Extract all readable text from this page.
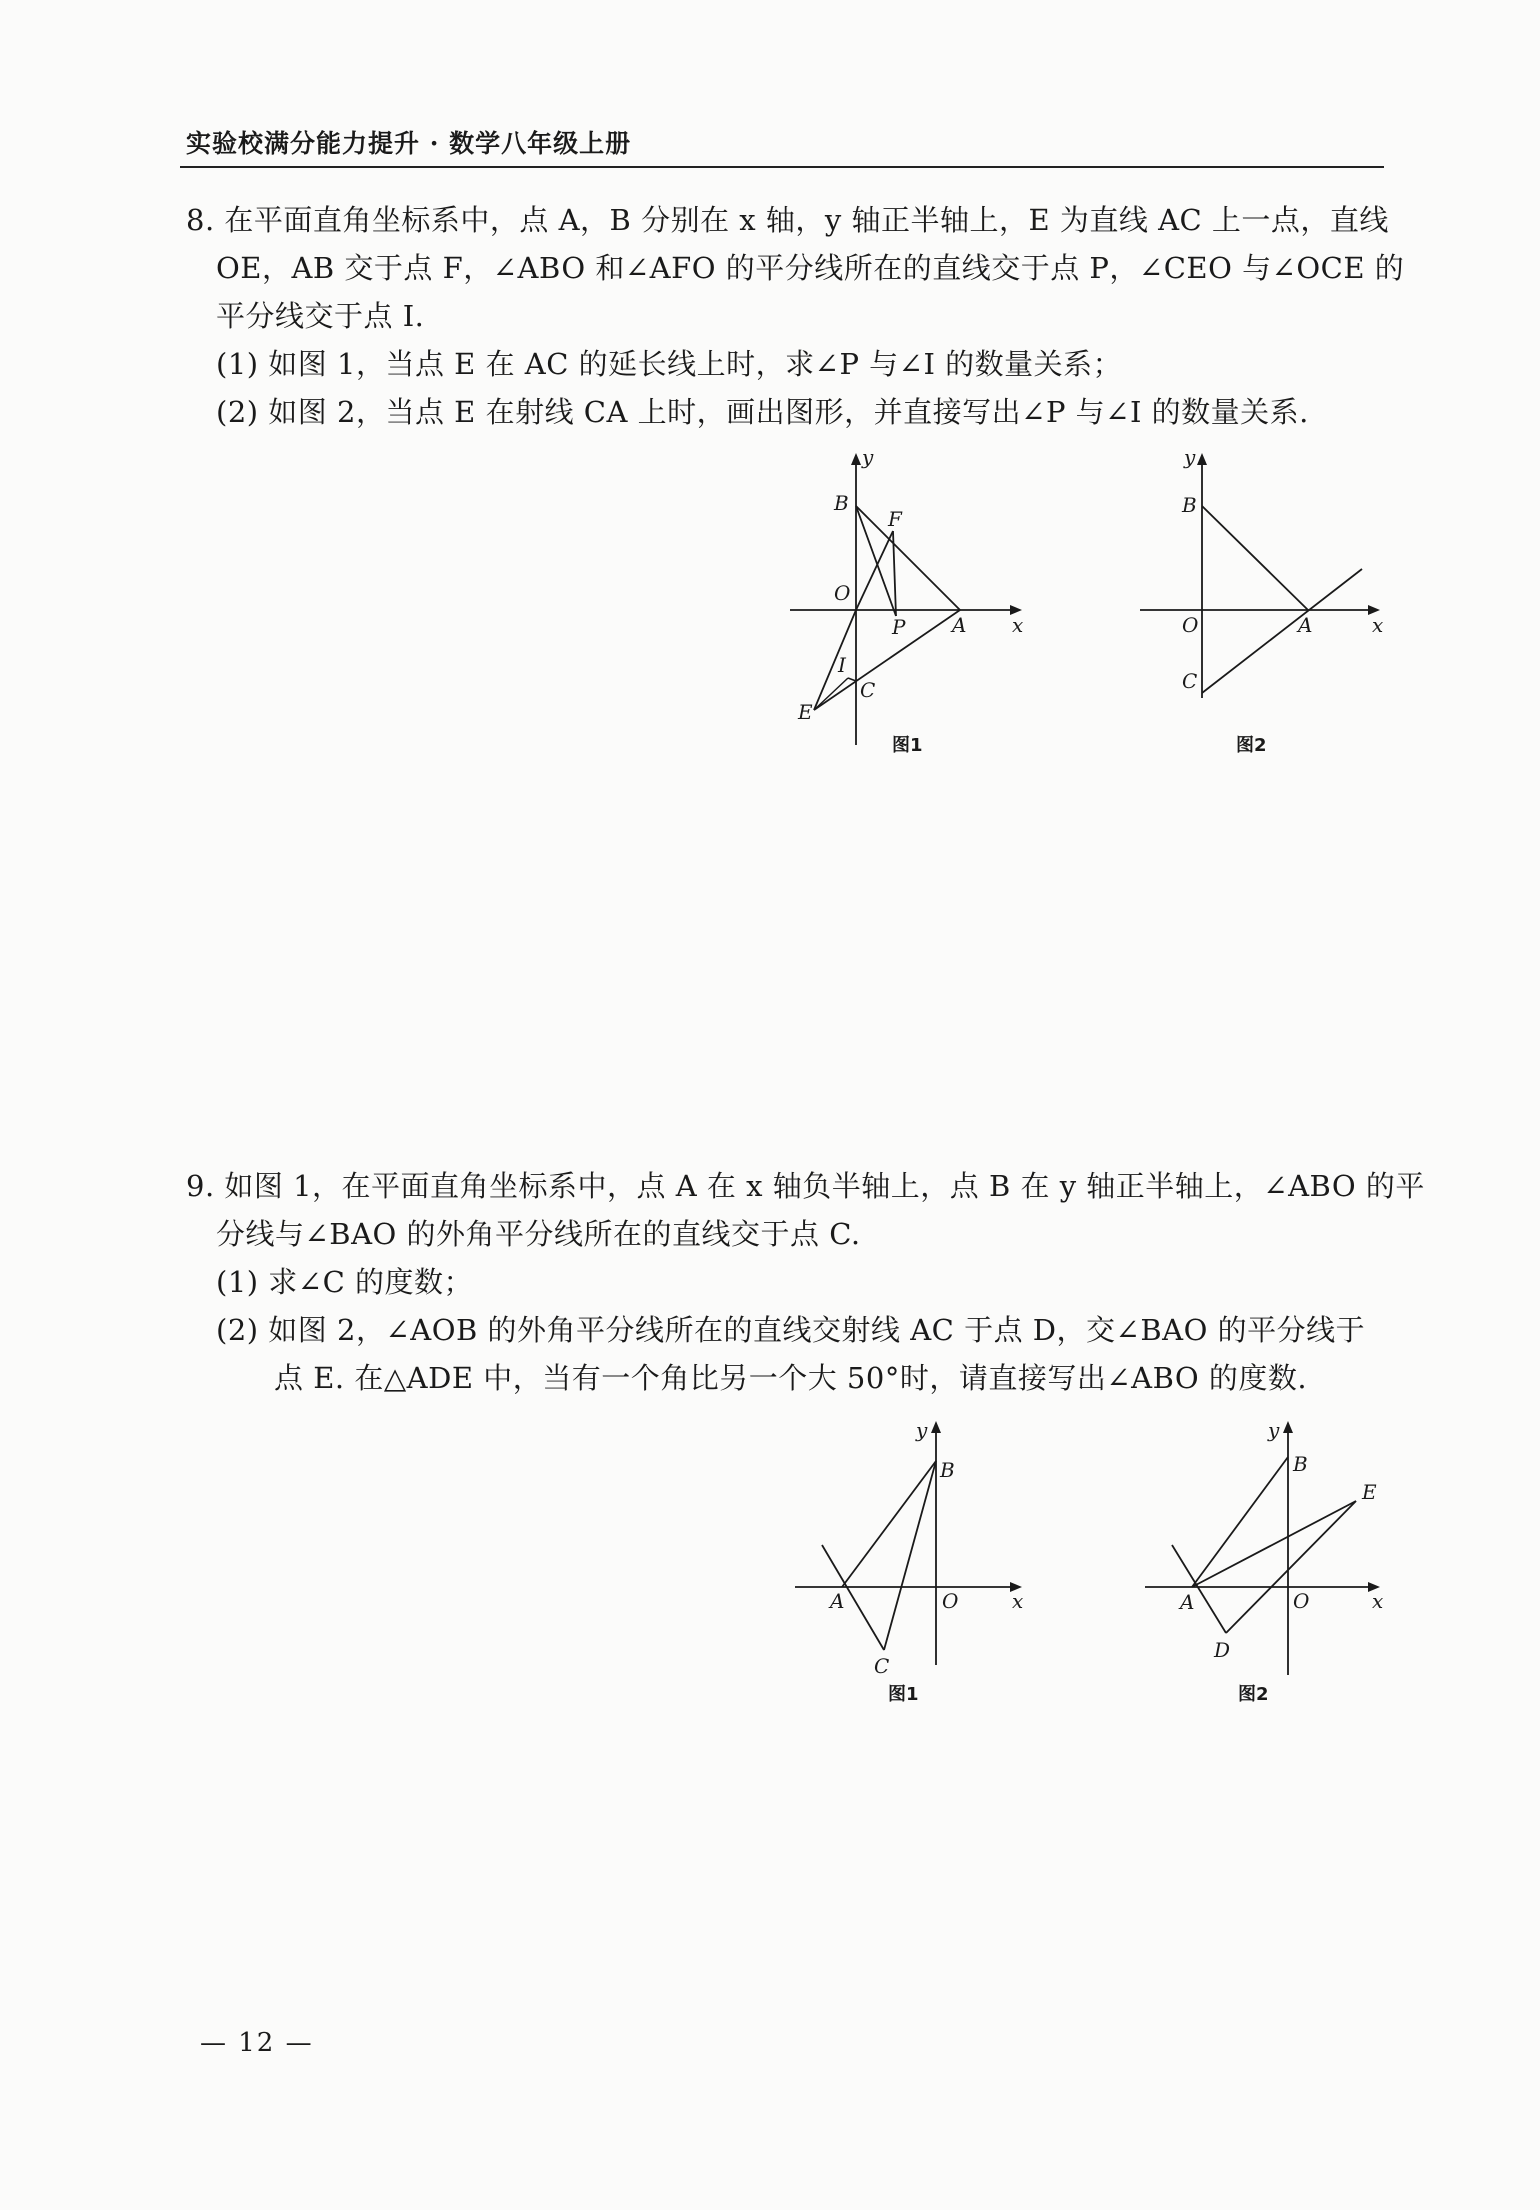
实验校满分能力提升 · 数学八年级上册
8. 在平面直角坐标系中，点 A，B 分别在 x 轴，y 轴正半轴上，E 为直线 AC 上一点，直线
OE，AB 交于点 F，∠ABO 和∠AFO 的平分线所在的直线交于点 P，∠CEO 与∠OCE 的
平分线交于点 I.
(1) 如图 1，当点 E 在 AC 的延长线上时，求∠P 与∠I 的数量关系；
(2) 如图 2，当点 E 在射线 CA 上时，画出图形，并直接写出∠P 与∠I 的数量关系.
y
x
B
F
O
P A
I
C
E
图1
y
x
B
O	A
C
图2
9. 如图 1，在平面直角坐标系中，点 A 在 x 轴负半轴上，点 B 在 y 轴正半轴上，∠ABO 的平
分线与∠BAO 的外角平分线所在的直线交于点 C.
(1) 求∠C 的度数；
(2) 如图 2，∠AOB 的外角平分线所在的直线交射线 AC 于点 D，交∠BAO 的平分线于
点 E. 在△ADE 中，当有一个角比另一个大 50°时，请直接写出∠ABO 的度数.
y
x
B
A	O
C
图1
y
x
B
E
A	O
D
图2
— 12 —
